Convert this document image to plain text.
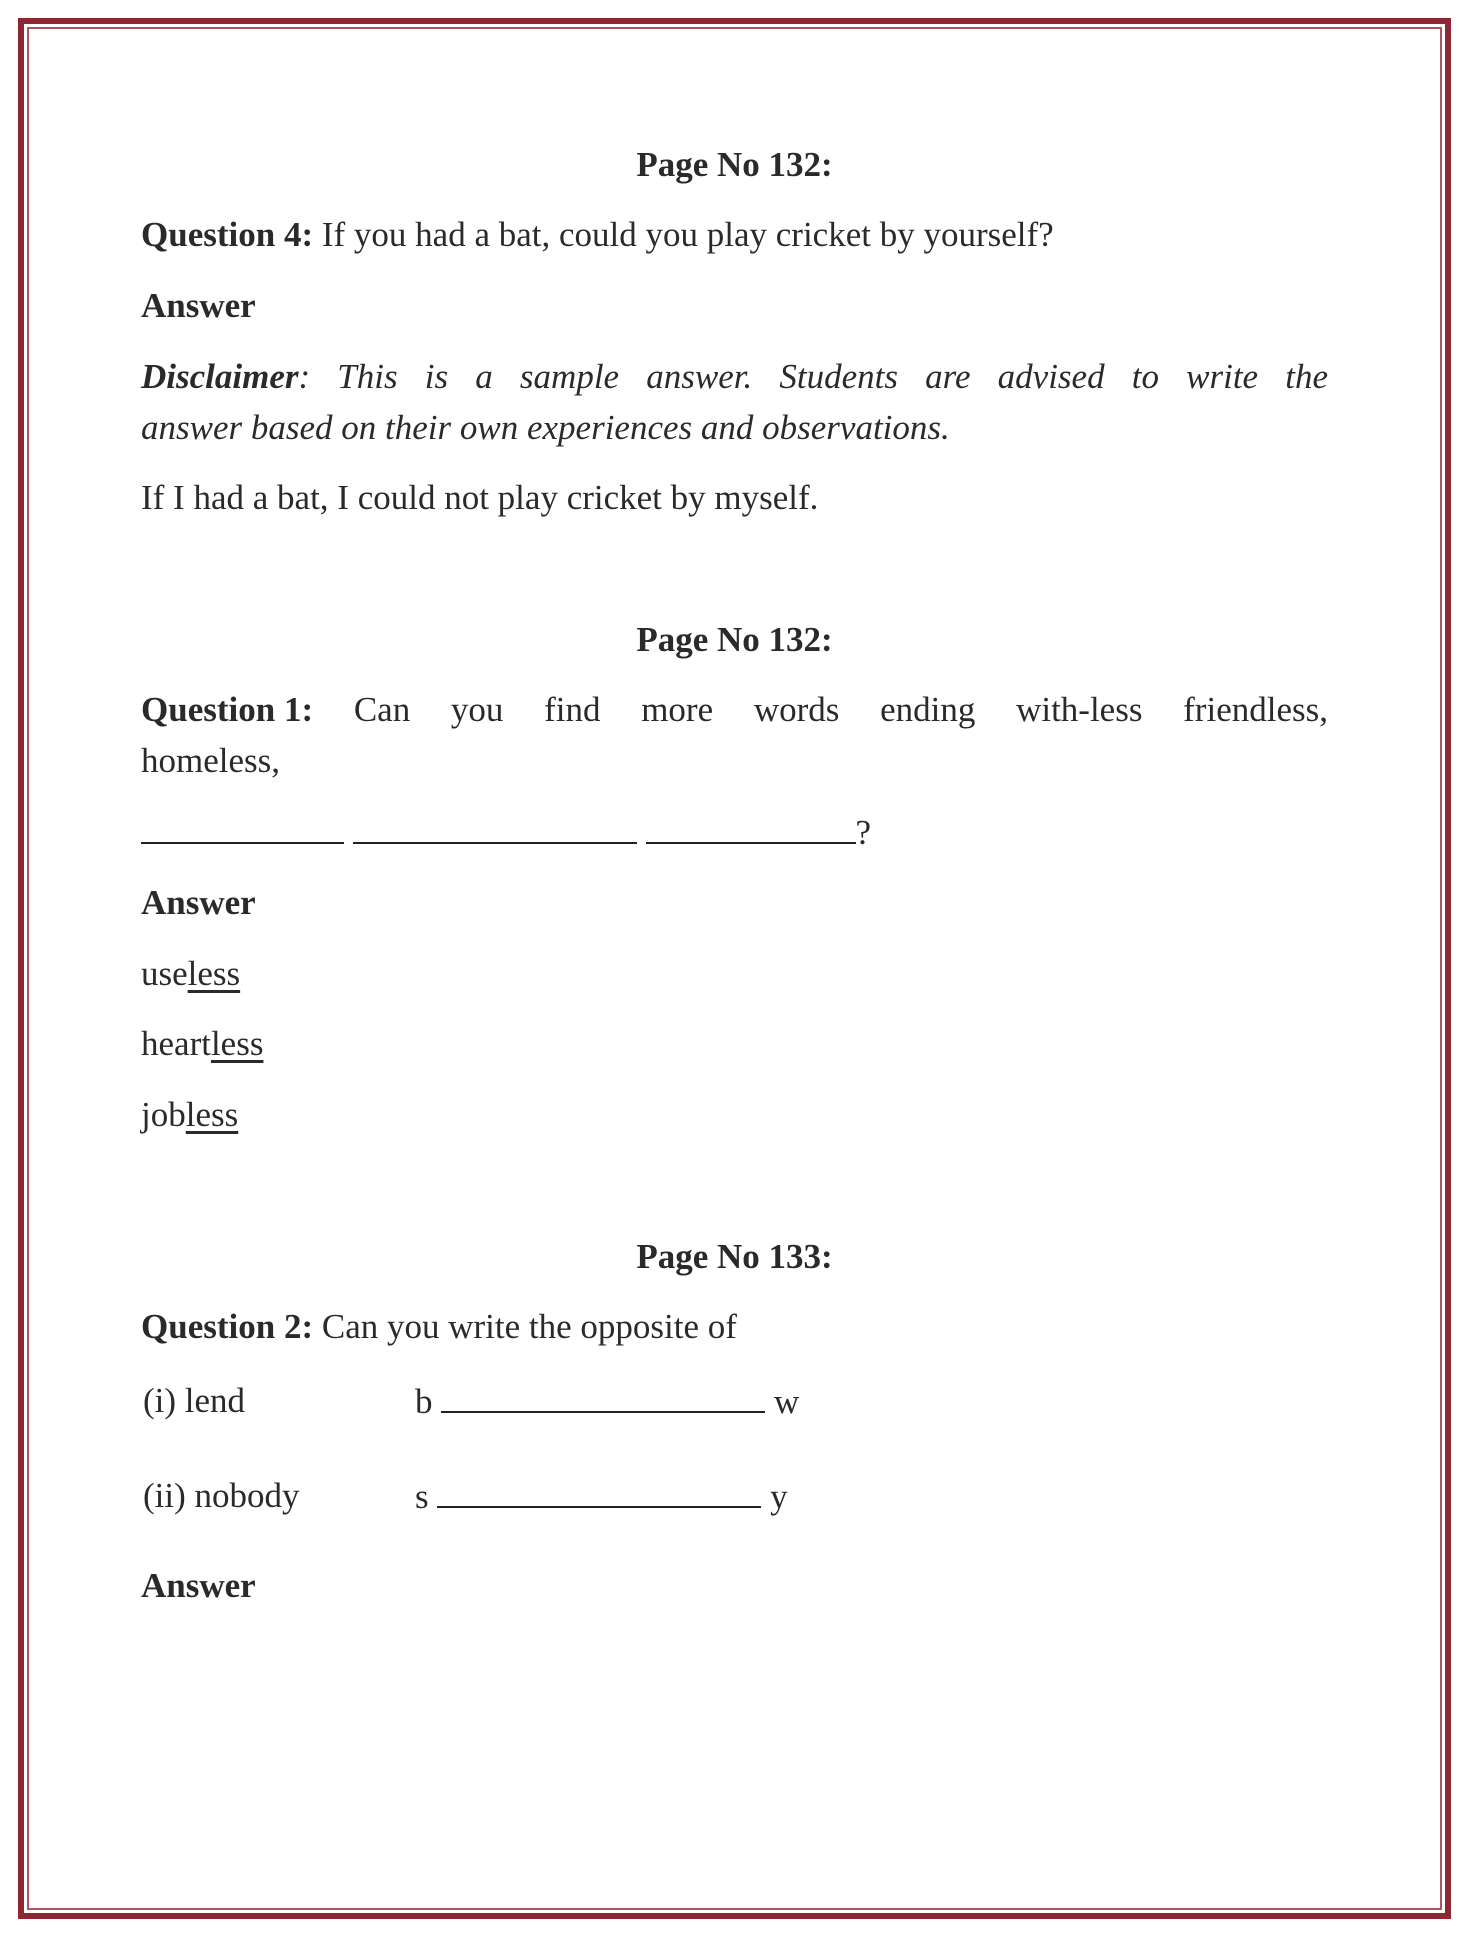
Page No 132:
Question 4: If you had a bat, could you play cricket by yourself?
Answer
Disclaimer: This is a sample answer. Students are advised to write the
answer based on their own experiences and observations.
If I had a bat, I could not play cricket by myself.
Page No 132:
Question 1: Can you find more words ending with-less friendless,
homeless,
?
Answer
useless
heartless
jobless
Page No 133:
Question 2: Can you write the opposite of
(i) lend	b	w
(ii) nobody	s	y
Answer
